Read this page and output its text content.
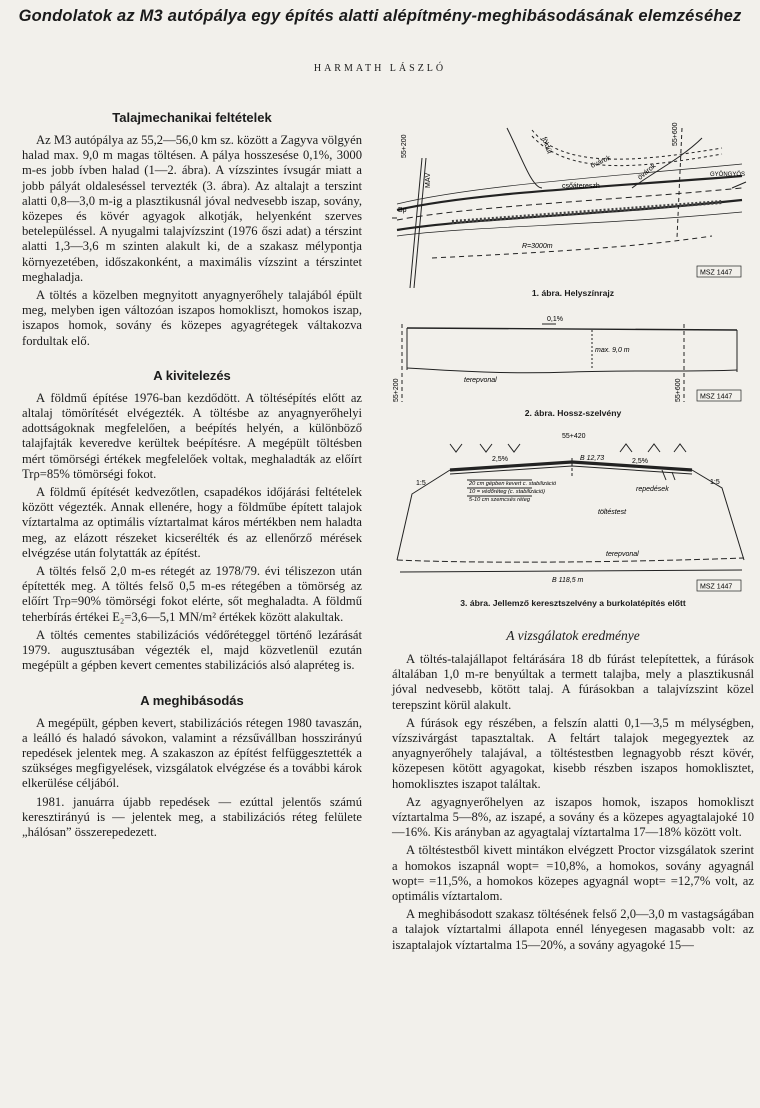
Gondolatok az M3 autópálya egy építés alatti alépítmény-meghibásodásának elemzéséhez
HARMATH LÁSZLÓ
Talajmechanikai feltételek

Az M3 autópálya az 55,2—56,0 km sz. között a Zagyva völgyén halad max. 9,0 m magas töltésen. A pálya hosszesése 0,1%, 3000 m-es jobb ívben halad (1—2. ábra). A vízszintes ívsugár miatt a jobb pályát oldaleséssel tervezték (3. ábra). Az altalajt a terszint alatti 0,8—3,0 m-ig a plasztikusnál jóval nedvesebb iszap, sovány, közepes és kövér agyagok alkotják, helyenként szerves betelepüléssel. A nyugalmi talajvízszint (1976 őszi adat) a térszint alatti 1,3—3,6 m szinten alakult ki, de a szakasz mélypontja környezetében, időszakonként, a maximális vízszint a térszintet meghaladja.

A töltés a közelben megnyitott anyagnyerőhely talajából épült meg, melyben igen változóan iszapos homokliszt, homokos iszap, iszapos homok, sovány és közepes agyagrétegek váltakozva fordultak elő.

A kivitelezés

A földmű építése 1976-ban kezdődött. A töltésépítés előtt az altalaj tömörítését elvégezték. A töltésbe az anyagnyerőhelyi adottságoknak megfelelően, a beépítés helyén, a különböző talajfajták keveredve kerültek beépítésre. A megépült töltésben mért tömörségi értékek megfelelőek voltak, meghaladták az előírt Trρ=85% tömörségi fokot.

A földmű építését kedvezőtlen, csapadékos időjárási feltételek között végezték. Annak ellenére, hogy a földműbe épített talajok víztartalma az optimális víztartalmat káros mértékben nem haladta meg, az elázott részeket kicserélték és az ellenőrző mérések elvégzése után folytatták az építést.

A töltés felső 2,0 m-es rétegét az 1978/79. évi téliszezon után építették meg. A töltés felső 0,5 m-es rétegében a tömörség az előírt Trρ=90% tömörségi fokot elérte, sőt meghaladta. A földmű teherbírás értékei E₂=3,6—5,1 MN/m² értékek között alakultak.

A töltés cementes stabilizációs védőréteggel történő lezárását 1979. augusztusában végezték el, majd közvetlenül ezután megépült a gépben kevert cementes stabilizációs alsó alapréteg is.

A meghibásodás

A megépült, gépben kevert, stabilizációs rétegen 1980 tavaszán, a leálló és haladó sávokon, valamint a rézsűvállban hosszirányú repedések jelentek meg. A szakaszon az építést felfüggesztették a szükséges megfigyelések, vizsgálatok elvégzése és a további károk elkerülése céljából.

1981. januárra újabb repedések — ezúttal jelentős számú keresztirányú is — jelentek meg, a stabilizációs réteg felülete „hálósan” összerepedezett.

55+200
MÁV
55+600
földút
övárok
övárok
csőátereszh
Bp
GYÖNGYÖS
R=3000m
MSZ 1447
1. ábra. Helyszínrajz
0,1%
max. 9,0 m
terepvonal
55+200	55+600	MSZ 1447
2. ábra. Hossz-szelvény
55+420
B 12,73
2,5%	2,5%
1:5	1:5
repedések
20 cm gépben kevert c. stabilizáció
10 = védőréteg (c. stabilizáció)
5-10 cm szemcsés réteg
töltéstest
terepvonal
B 118,5 m
MSZ 1447
3. ábra. Jellemző keresztszelvény a burkolatépítés előtt
A vizsgálatok eredménye

A töltés-talajállapot feltárására 18 db fúrást telepítettek, a fúrások általában 1,0 m-re benyúltak a termett talajba, mely a plasztikusnál jóval nedvesebb, kötött talaj. A fúrásokban a talajvízszint közel terepszint körül alakult.

A fúrások egy részében, a felszín alatti 0,1—3,5 m mélységben, vízszivárgást tapasztaltak. A feltárt talajok megegyeztek az anyagnyerőhely talajával, a töltéstestben legnagyobb részt kövér, közepesen kötött agyagokat, kisebb részben iszapos homoklisztet, homoklisztes iszapot találtak.

Az agyagnyerőhelyen az iszapos homok, iszapos homokliszt víztartalma 5—8%, az iszapé, a sovány és a közepes agyagtalajoké 10—16%. Kis arányban az agyagtalaj víztartalma 17—18% között volt.

A töltéstestből kivett mintákon elvégzett Proctor vizsgálatok szerint a homokos iszapnál wopt= =10,8%, a homokos, sovány agyagnál wopt= =11,5%, a homokos közepes agyagnál wopt= =12,7% volt, az optimális víztartalom.

A meghibásodott szakasz töltésének felső 2,0—3,0 m vastagságában a talajok víztartalmi állapota ennél lényegesen magasabb volt: az iszaptalajok víztartalma 15—20%, a sovány agyagoké 15—
